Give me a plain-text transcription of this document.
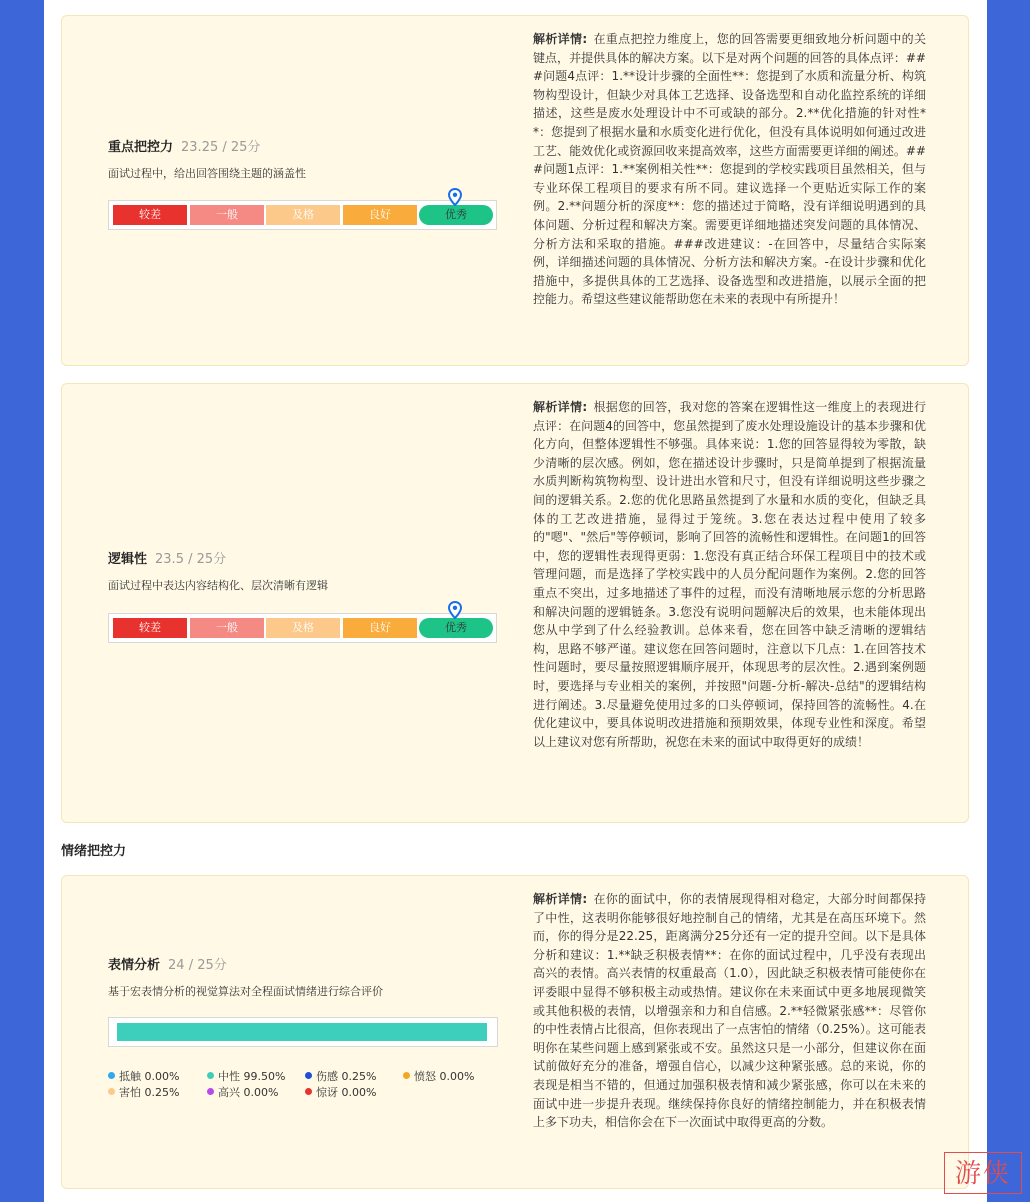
重点把控力 23.25 / 25分
面试过程中，给出回答围绕主题的涵盖性
较差	一般	及格	良好	优秀
解析详情: 在重点把控力维度上，您的回答需要更细致地分析问题中的关键点，并提供具体的解决方案。以下是对两个问题的回答的具体点评：###问题4点评：1.**设计步骤的全面性**：您提到了水质和流量分析、构筑物构型设计，但缺少对具体工艺选择、设备选型和自动化监控系统的详细描述，这些是废水处理设计中不可或缺的部分。2.**优化措施的针对性**：您提到了根据水量和水质变化进行优化，但没有具体说明如何通过改进工艺、能效优化或资源回收来提高效率，这些方面需要更详细的阐述。###问题1点评：1.**案例相关性**：您提到的学校实践项目虽然相关，但与专业环保工程项目的要求有所不同。建议选择一个更贴近实际工作的案例。2.**问题分析的深度**：您的描述过于简略，没有详细说明遇到的具体问题、分析过程和解决方案。需要更详细地描述突发问题的具体情况、分析方法和采取的措施。###改进建议：-在回答中，尽量结合实际案例，详细描述问题的具体情况、分析方法和解决方案。-在设计步骤和优化措施中，多提供具体的工艺选择、设备选型和改进措施，以展示全面的把控能力。希望这些建议能帮助您在未来的表现中有所提升！
逻辑性 23.5 / 25分
面试过程中表达内容结构化、层次清晰有逻辑
较差	一般	及格	良好	优秀
解析详情: 根据您的回答，我对您的答案在逻辑性这一维度上的表现进行点评：在问题4的回答中，您虽然提到了废水处理设施设计的基本步骤和优化方向，但整体逻辑性不够强。具体来说：1.您的回答显得较为零散，缺少清晰的层次感。例如，您在描述设计步骤时，只是简单提到了根据流量水质判断构筑物构型、设计进出水管和尺寸，但没有详细说明这些步骤之间的逻辑关系。2.您的优化思路虽然提到了水量和水质的变化，但缺乏具体的工艺改进措施，显得过于笼统。3.您在表达过程中使用了较多的"嗯"、"然后"等停顿词，影响了回答的流畅性和逻辑性。在问题1的回答中，您的逻辑性表现得更弱：1.您没有真正结合环保工程项目中的技术或管理问题，而是选择了学校实践中的人员分配问题作为案例。2.您的回答重点不突出，过多地描述了事件的过程，而没有清晰地展示您的分析思路和解决问题的逻辑链条。3.您没有说明问题解决后的效果，也未能体现出您从中学到了什么经验教训。总体来看，您在回答中缺乏清晰的逻辑结构，思路不够严谨。建议您在回答问题时，注意以下几点：1.在回答技术性问题时，要尽量按照逻辑顺序展开，体现思考的层次性。2.遇到案例题时，要选择与专业相关的案例，并按照"问题-分析-解决-总结"的逻辑结构进行阐述。3.尽量避免使用过多的口头停顿词，保持回答的流畅性。4.在优化建议中，要具体说明改进措施和预期效果，体现专业性和深度。希望以上建议对您有所帮助，祝您在未来的面试中取得更好的成绩！
情绪把控力
表情分析 24 / 25分
基于宏表情分析的视觉算法对全程面试情绪进行综合评价
抵触 0.00%	中性 99.50%	伤感 0.25%	愤怒 0.00%
害怕 0.25%	高兴 0.00%	惊讶 0.00%
解析详情: 在你的面试中，你的表情展现得相对稳定，大部分时间都保持了中性，这表明你能够很好地控制自己的情绪，尤其是在高压环境下。然而，你的得分是22.25，距离满分25分还有一定的提升空间。以下是具体分析和建议：1.**缺乏积极表情**：在你的面试过程中，几乎没有表现出高兴的表情。高兴表情的权重最高（1.0），因此缺乏积极表情可能使你在评委眼中显得不够积极主动或热情。建议你在未来面试中更多地展现微笑或其他积极的表情，以增强亲和力和自信感。2.**轻微紧张感**：尽管你的中性表情占比很高，但你表现出了一点害怕的情绪（0.25%）。这可能表明你在某些问题上感到紧张或不安。虽然这只是一小部分，但建议你在面试前做好充分的准备，增强自信心，以减少这种紧张感。总的来说，你的表现是相当不错的，但通过加强积极表情和减少紧张感，你可以在未来的面试中进一步提升表现。继续保持你良好的情绪控制能力，并在积极表情上多下功夫，相信你会在下一次面试中取得更高的分数。
游侠
